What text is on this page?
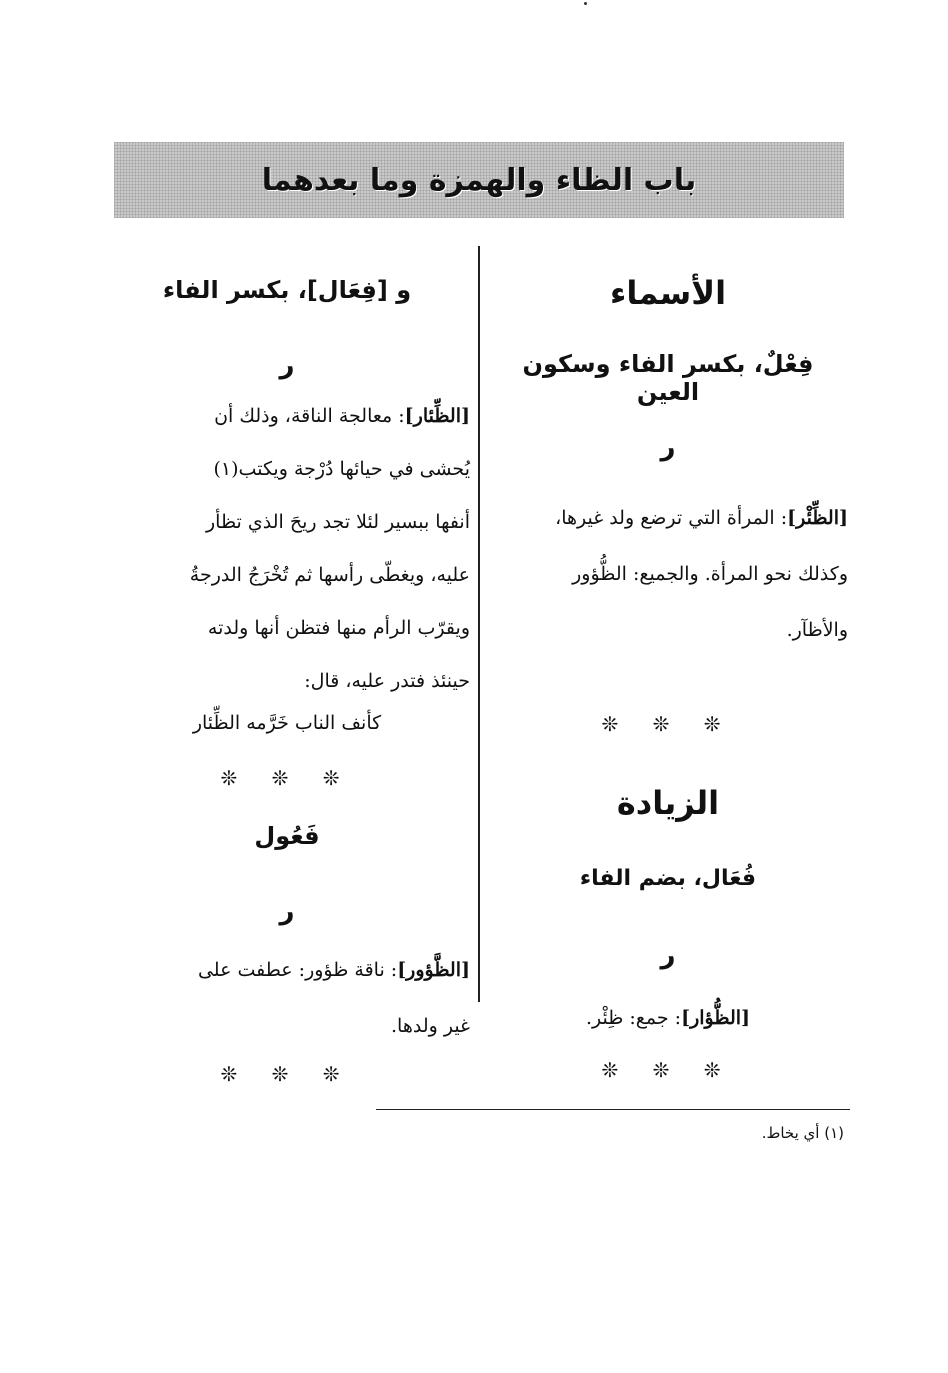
باب الظاء والهمزة وما بعدهما
الأسماء
فِعْلٌ، بكسر الفاء وسكون العين
ر
[الظِّئْر]: المرأة التي ترضع ولد غيرها،
وكذلك نحو المرأة. والجميع: الظُّؤور
والأظآر.
❊ ❊ ❊
الزيادة
فُعَال، بضم الفاء
ر
[الظُّؤار]: جمع: ظِئْر.
❊ ❊ ❊
و [فِعَال]، بكسر الفاء
ر
[الظِّئار]: معالجة الناقة، وذلك أن
يُحشى في حيائها دُرْجة ويكتب(١)
أنفها ببسير لئلا تجد ريحَ الذي تظأر
عليه، ويغطّى رأسها ثم تُخْرَجُ الدرجةُ
ويقرّب الرأم منها فتظن أنها ولدته
حينئذ فتدر عليه، قال:
كأنف الناب خَرَّمه الظِّئار
❊ ❊ ❊
فَعُول
ر
[الظَّؤور]: ناقة ظؤور: عطفت على
غير ولدها.
❊ ❊ ❊
(١) أي يخاط.
